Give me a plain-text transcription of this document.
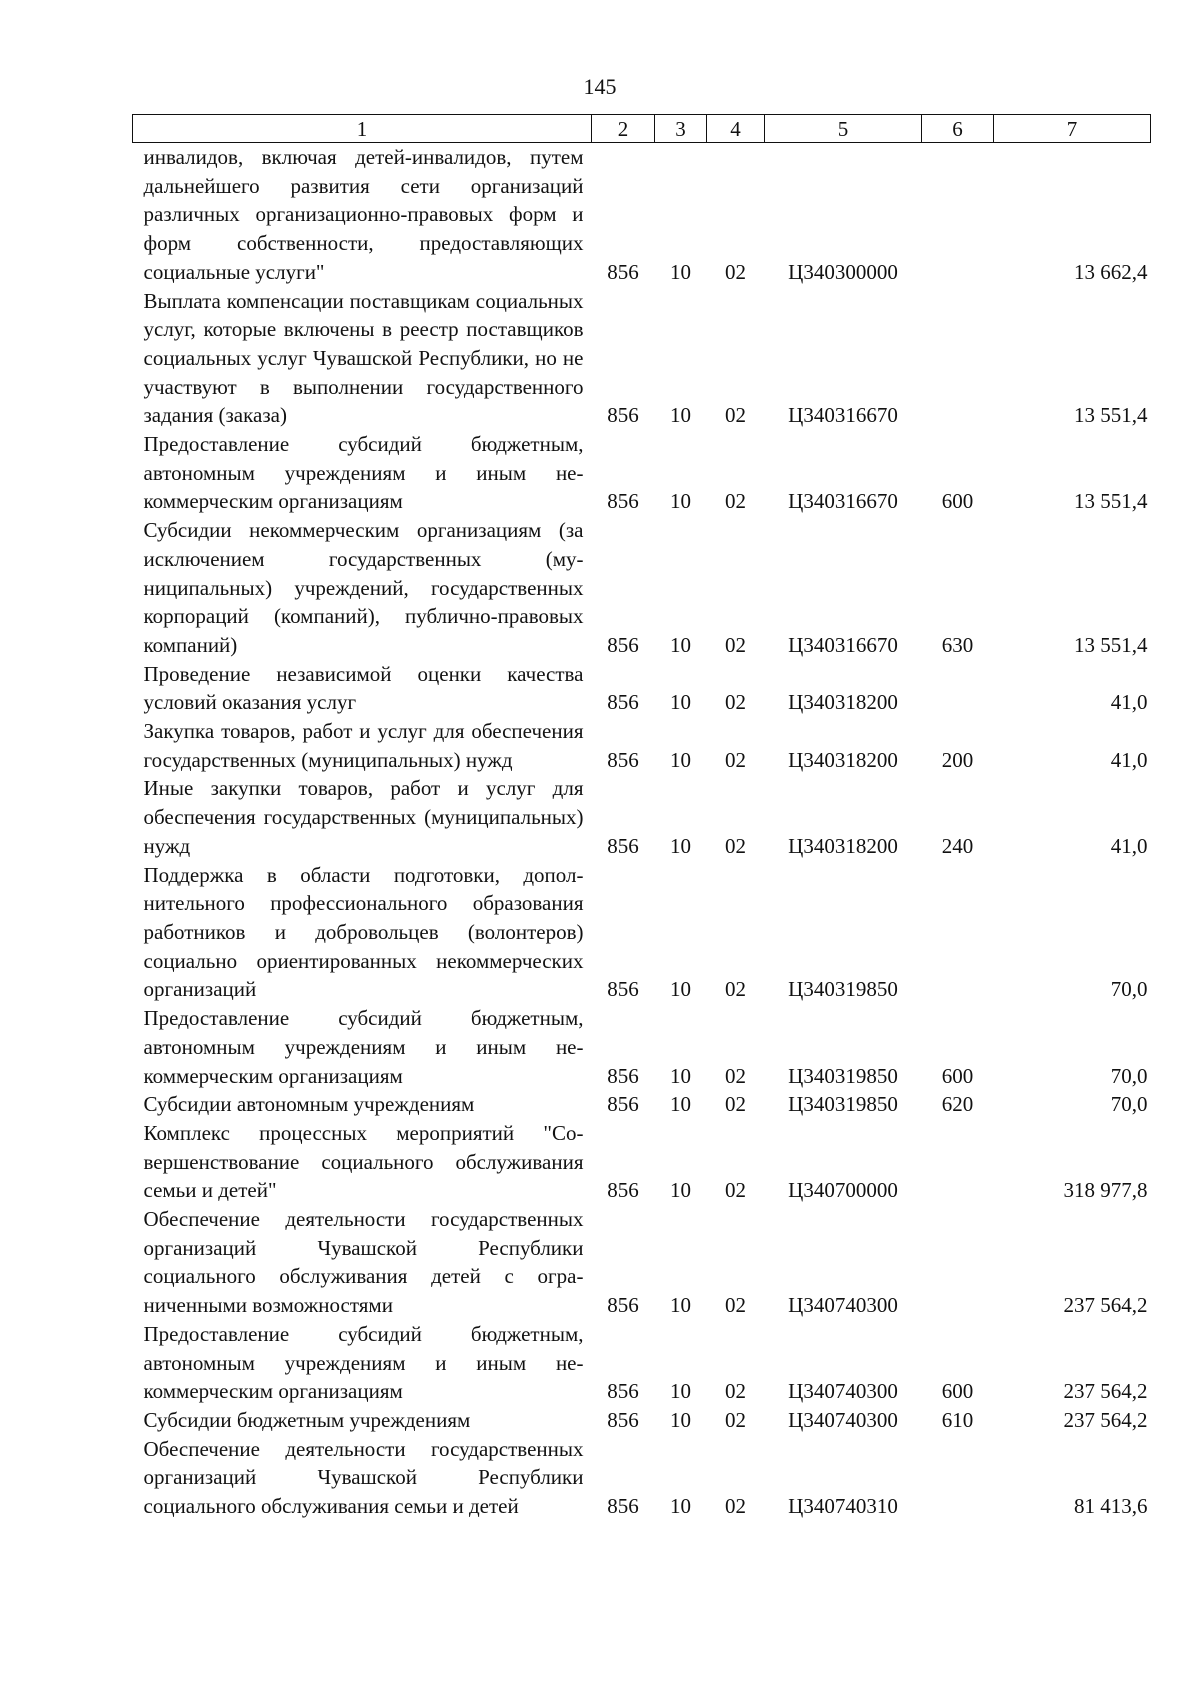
145
1	2	3	4	5	6	7
инвалидов, включая детей-инвалидов, путем дальнейшего развития сети организаций различных организационно-правовых форм и форм собственности, предоставляющих социальные услуги"	856	10	02	Ц340300000		13 662,4
Выплата компенсации поставщикам социальных услуг, которые включены в реестр поставщиков социальных услуг Чувашской Республики, но не участвуют в выполнении государственного задания (заказа)	856	10	02	Ц340316670		13 551,4
Предоставление субсидий бюджетным, автономным учреждениям и иным некоммерческим организациям	856	10	02	Ц340316670	600	13 551,4
Субсидии некоммерческим организациям (за исключением государственных (муниципальных) учреждений, государственных корпораций (компаний), публично-правовых компаний)	856	10	02	Ц340316670	630	13 551,4
Проведение независимой оценки качества условий оказания услуг	856	10	02	Ц340318200		41,0
Закупка товаров, работ и услуг для обеспечения государственных (муниципальных) нужд	856	10	02	Ц340318200	200	41,0
Иные закупки товаров, работ и услуг для обеспечения государственных (муниципальных) нужд	856	10	02	Ц340318200	240	41,0
Поддержка в области подготовки, дополнительного профессионального образования работников и добровольцев (волонтеров) социально ориентированных некоммерческих организаций	856	10	02	Ц340319850		70,0
Предоставление субсидий бюджетным, автономным учреждениям и иным некоммерческим организациям	856	10	02	Ц340319850	600	70,0
Субсидии автономным учреждениям	856	10	02	Ц340319850	620	70,0
Комплекс процессных мероприятий "Совершенствование социального обслуживания семьи и детей"	856	10	02	Ц340700000		318 977,8
Обеспечение деятельности государственных организаций Чувашской Республики социального обслуживания детей с ограниченными возможностями	856	10	02	Ц340740300		237 564,2
Предоставление субсидий бюджетным, автономным учреждениям и иным некоммерческим организациям	856	10	02	Ц340740300	600	237 564,2
Субсидии бюджетным учреждениям	856	10	02	Ц340740300	610	237 564,2
Обеспечение деятельности государственных организаций Чувашской Республики социального обслуживания семьи и детей	856	10	02	Ц340740310		81 413,6
